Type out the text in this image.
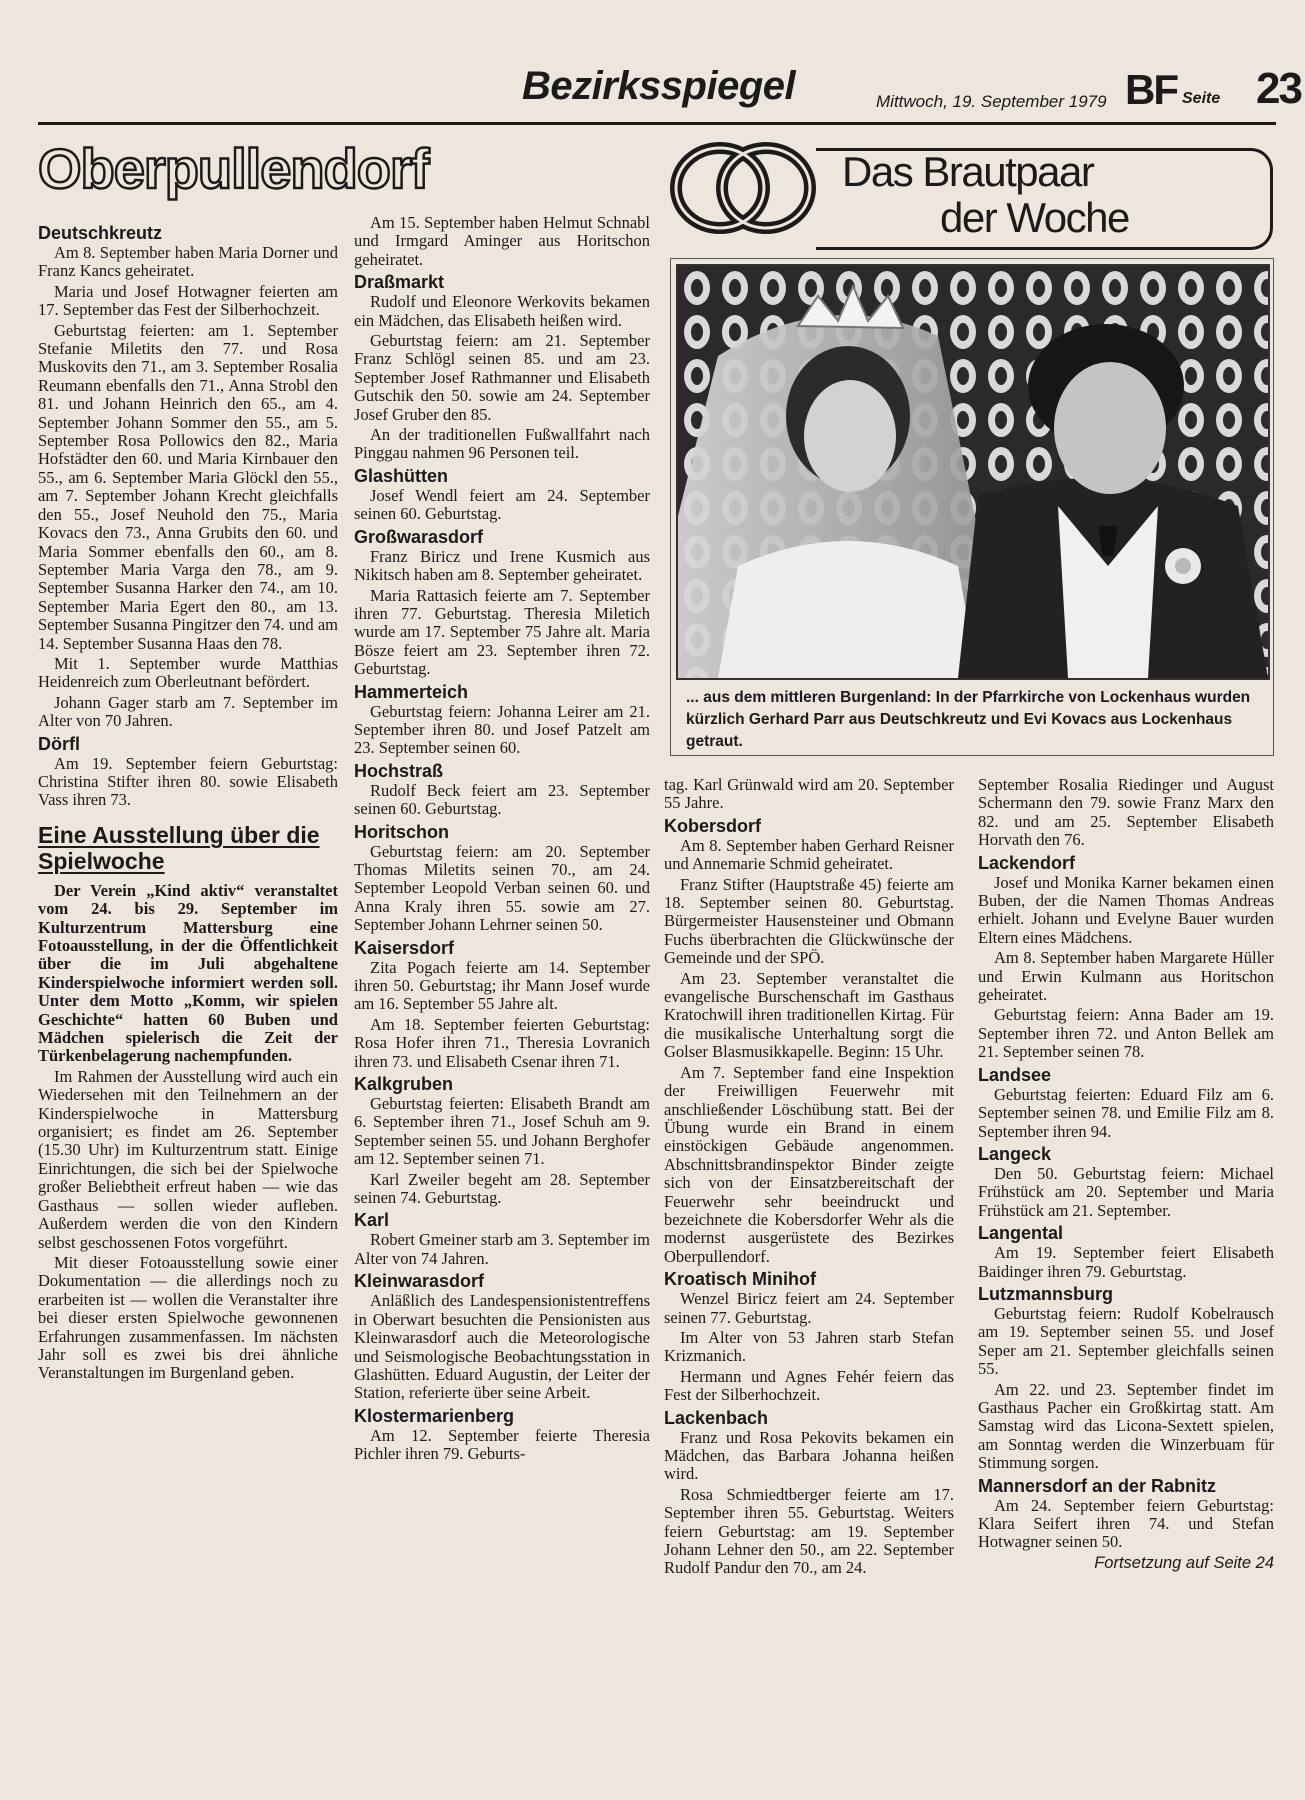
Bezirksspiegel	Mittwoch, 19. September 1979 BF Seite 23
Oberpullendorf	Das Brautpaar
der Woche
... aus dem mittleren Burgenland: In der Pfarrkirche von Lockenhaus wurden kürzlich Gerhard Parr aus Deutschkreutz und Evi Kovacs aus Lockenhaus getraut.
Deutschkreutz

Am 8. September haben Maria Dorner und Franz Kancs geheiratet.

Maria und Josef Hotwagner feierten am 17. September das Fest der Silberhochzeit.

Geburtstag feierten: am 1. September Stefanie Miletits den 77. und Rosa Muskovits den 71., am 3. September Rosalia Reumann ebenfalls den 71., Anna Strobl den 81. und Johann Heinrich den 65., am 4. September Johann Sommer den 55., am 5. September Rosa Pollowics den 82., Maria Hofstädter den 60. und Maria Kirnbauer den 55., am 6. September Maria Glöckl den 55., am 7. September Johann Krecht gleichfalls den 55., Josef Neuhold den 75., Maria Kovacs den 73., Anna Grubits den 60. und Maria Sommer ebenfalls den 60., am 8. September Maria Varga den 78., am 9. September Susanna Harker den 74., am 10. September Maria Egert den 80., am 13. September Susanna Pingitzer den 74. und am 14. September Susanna Haas den 78.

Mit 1. September wurde Matthias Heidenreich zum Oberleutnant befördert.

Johann Gager starb am 7. September im Alter von 70 Jahren.

Dörfl

Am 19. September feiern Geburtstag: Christina Stifter ihren 80. sowie Elisabeth Vass ihren 73.

Eine Ausstellung über die Spielwoche

Der Verein „Kind aktiv“ veranstaltet vom 24. bis 29. September im Kulturzentrum Mattersburg eine Fotoausstellung, in der die Öffentlichkeit über die im Juli abgehaltene Kinderspielwoche informiert werden soll. Unter dem Motto „Komm, wir spielen Geschichte“ hatten 60 Buben und Mädchen spielerisch die Zeit der Türkenbelagerung nachempfunden.

Im Rahmen der Ausstellung wird auch ein Wiedersehen mit den Teilnehmern an der Kinderspielwoche in Mattersburg organisiert; es findet am 26. September (15.30 Uhr) im Kulturzentrum statt. Einige Einrichtungen, die sich bei der Spielwoche großer Beliebtheit erfreut haben — wie das Gasthaus — sollen wieder aufleben. Außerdem werden die von den Kindern selbst geschossenen Fotos vorgeführt.

Mit dieser Fotoausstellung sowie einer Dokumentation — die allerdings noch zu erarbeiten ist — wollen die Veranstalter ihre bei dieser ersten Spielwoche gewonnenen Erfahrungen zusammenfassen. Im nächsten Jahr soll es zwei bis drei ähnliche Veranstaltungen im Burgenland geben.

Am 15. September haben Helmut Schnabl und Irmgard Aminger aus Horitschon geheiratet.

Draßmarkt

Rudolf und Eleonore Werkovits bekamen ein Mädchen, das Elisabeth heißen wird.

Geburtstag feiern: am 21. September Franz Schlögl seinen 85. und am 23. September Josef Rathmanner und Elisabeth Gutschik den 50. sowie am 24. September Josef Gruber den 85.

An der traditionellen Fußwallfahrt nach Pinggau nahmen 96 Personen teil.

Glashütten

Josef Wendl feiert am 24. September seinen 60. Geburtstag.

Großwarasdorf

Franz Biricz und Irene Kusmich aus Nikitsch haben am 8. September geheiratet.

Maria Rattasich feierte am 7. September ihren 77. Geburtstag. Theresia Miletich wurde am 17. September 75 Jahre alt. Maria Bösze feiert am 23. September ihren 72. Geburtstag.

Hammerteich

Geburtstag feiern: Johanna Leirer am 21. September ihren 80. und Josef Patzelt am 23. September seinen 60.

Hochstraß

Rudolf Beck feiert am 23. September seinen 60. Geburtstag.

Horitschon

Geburtstag feiern: am 20. September Thomas Miletits seinen 70., am 24. September Leopold Verban seinen 60. und Anna Kraly ihren 55. sowie am 27. September Johann Lehrner seinen 50.

Kaisersdorf

Zita Pogach feierte am 14. September ihren 50. Geburtstag; ihr Mann Josef wurde am 16. September 55 Jahre alt.

Am 18. September feierten Geburtstag: Rosa Hofer ihren 71., Theresia Lovranich ihren 73. und Elisabeth Csenar ihren 71.

Kalkgruben

Geburtstag feierten: Elisabeth Brandt am 6. September ihren 71., Josef Schuh am 9. September seinen 55. und Johann Berghofer am 12. September seinen 71.

Karl Zweiler begeht am 28. September seinen 74. Geburtstag.

Karl

Robert Gmeiner starb am 3. September im Alter von 74 Jahren.

Kleinwarasdorf

Anläßlich des Landespensionistentreffens in Oberwart besuchten die Pensionisten aus Kleinwarasdorf auch die Meteorologische und Seismologische Beobachtungsstation in Glashütten. Eduard Augustin, der Leiter der Station, referierte über seine Arbeit.

Klostermarienberg

Am 12. September feierte Theresia Pichler ihren 79. Geburts-

tag. Karl Grünwald wird am 20. September 55 Jahre.

Kobersdorf

Am 8. September haben Gerhard Reisner und Annemarie Schmid geheiratet.

Franz Stifter (Hauptstraße 45) feierte am 18. September seinen 80. Geburtstag. Bürgermeister Hausensteiner und Obmann Fuchs überbrachten die Glückwünsche der Gemeinde und der SPÖ.

Am 23. September veranstaltet die evangelische Burschenschaft im Gasthaus Kratochwill ihren traditionellen Kirtag. Für die musikalische Unterhaltung sorgt die Golser Blasmusikkapelle. Beginn: 15 Uhr.

Am 7. September fand eine Inspektion der Freiwilligen Feuerwehr mit anschließender Löschübung statt. Bei der Übung wurde ein Brand in einem einstöckigen Gebäude angenommen. Abschnittsbrandinspektor Binder zeigte sich von der Einsatzbereitschaft der Feuerwehr sehr beeindruckt und bezeichnete die Kobersdorfer Wehr als die modernst ausgerüstete des Bezirkes Oberpullendorf.

Kroatisch Minihof

Wenzel Biricz feiert am 24. September seinen 77. Geburtstag.

Im Alter von 53 Jahren starb Stefan Krizmanich.

Hermann und Agnes Fehér feiern das Fest der Silberhochzeit.

Lackenbach

Franz und Rosa Pekovits bekamen ein Mädchen, das Barbara Johanna heißen wird.

Rosa Schmiedtberger feierte am 17. September ihren 55. Geburtstag. Weiters feiern Geburtstag: am 19. September Johann Lehner den 50., am 22. September Rudolf Pandur den 70., am 24.

September Rosalia Riedinger und August Schermann den 79. sowie Franz Marx den 82. und am 25. September Elisabeth Horvath den 76.

Lackendorf

Josef und Monika Karner bekamen einen Buben, der die Namen Thomas Andreas erhielt. Johann und Evelyne Bauer wurden Eltern eines Mädchens.

Am 8. September haben Margarete Hüller und Erwin Kulmann aus Horitschon geheiratet.

Geburtstag feiern: Anna Bader am 19. September ihren 72. und Anton Bellek am 21. September seinen 78.

Landsee

Geburtstag feierten: Eduard Filz am 6. September seinen 78. und Emilie Filz am 8. September ihren 94.

Langeck

Den 50. Geburtstag feiern: Michael Frühstück am 20. September und Maria Frühstück am 21. September.

Langental

Am 19. September feiert Elisabeth Baidinger ihren 79. Geburtstag.

Lutzmannsburg

Geburtstag feiern: Rudolf Kobelrausch am 19. September seinen 55. und Josef Seper am 21. September gleichfalls seinen 55.

Am 22. und 23. September findet im Gasthaus Pacher ein Großkirtag statt. Am Samstag wird das Licona-Sextett spielen, am Sonntag werden die Winzerbuam für Stimmung sorgen.

Mannersdorf an der Rabnitz

Am 24. September feiern Geburtstag: Klara Seifert ihren 74. und Stefan Hotwagner seinen 50.

Fortsetzung auf Seite 24
